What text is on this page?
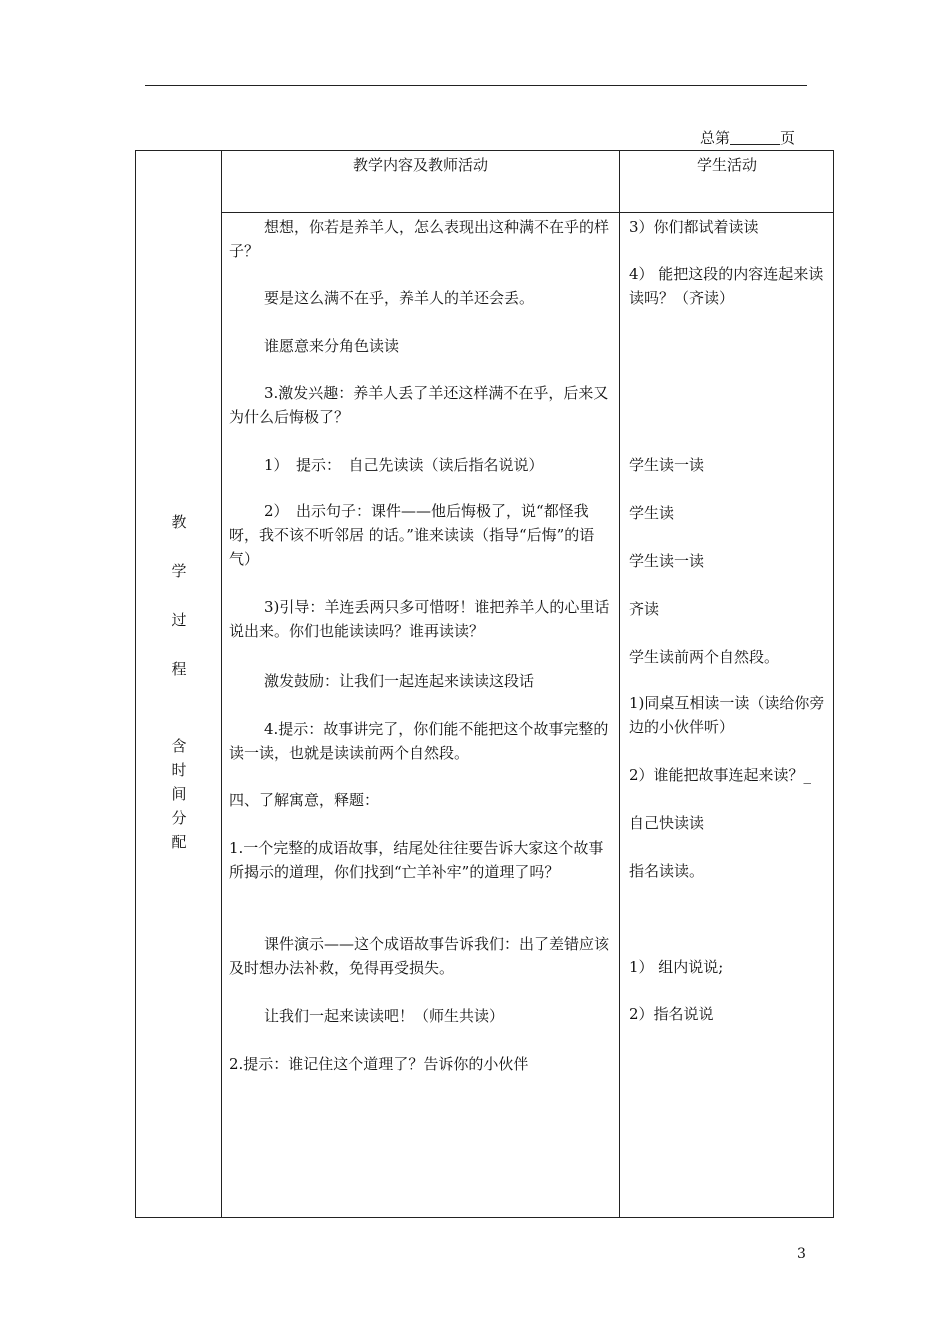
总第	页
教学内容及教师活动	学生活动
教
学
过
程
含
时
间
分
配

想想，你若是养羊人，怎么表现出这种满不在乎的样子？

要是这么满不在乎，养羊人的羊还会丢。

谁愿意来分角色读读

3.激发兴趣：养羊人丢了羊还这样满不在乎，后来又为什么后悔极了？

1）　提示：　自己先读读（读后指名说说）

2）　出示句子：课件——他后悔极了，说“都怪我呀，我不该不听邻居 的话。”谁来读读（指导“后悔”的语气）

3)引导：羊连丢两只多可惜呀！谁把养羊人的心里话说出来。你们也能读读吗？谁再读读？

激发鼓励：让我们一起连起来读读这段话

4.提示：故事讲完了，你们能不能把这个故事完整的读一读，也就是读读前两个自然段。

四、了解寓意，释题：

1.一个完整的成语故事，结尾处往往要告诉大家这个故事所揭示的道理，你们找到“亡羊补牢”的道理了吗？

课件演示——这个成语故事告诉我们：出了差错应该及时想办法补救，免得再受损失。

让我们一起来读读吧！（师生共读）

2.提示：谁记住这个道理了？告诉你的小伙伴

3）你们都试着读读

4） 能把这段的内容连起来读读吗？（齐读）

学生读一读

学生读

学生读一读

齐读

学生读前两个自然段。

1)同桌互相读一读（读给你旁边的小伙伴听）

2）谁能把故事连起来读？_

自己快读读

指名读读。

1） 组内说说;

2）指名说说

3
